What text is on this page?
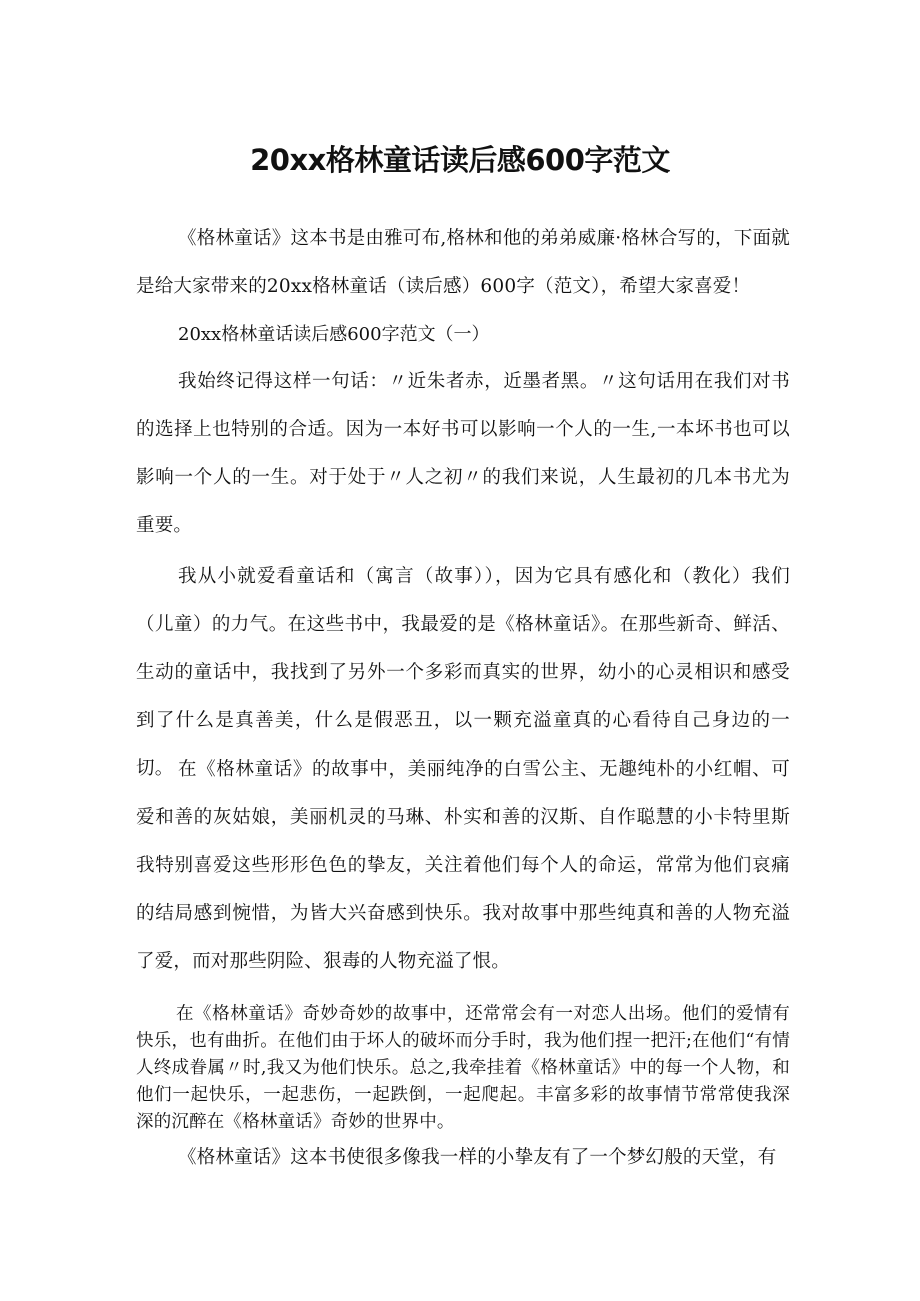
20xx格林童话读后感600字范文

《格林童话》这本书是由雅可布,格林和他的弟弟威廉·格林合写的，下面就是给大家带来的20xx格林童话（读后感）600字（范文），希望大家喜爱！

20xx格林童话读后感600字范文（一）

我始终记得这样一句话：〃近朱者赤，近墨者黑。〃这句话用在我们对书的选择上也特别的合适。因为一本好书可以影响一个人的一生,一本坏书也可以影响一个人的一生。对于处于〃人之初〃的我们来说，人生最初的几本书尤为重要。

我从小就爱看童话和（寓言（故事）），因为它具有感化和（教化）我们（儿童）的力气。在这些书中，我最爱的是《格林童话》。在那些新奇、鲜活、生动的童话中，我找到了另外一个多彩而真实的世界，幼小的心灵相识和感受到了什么是真善美，什么是假恶丑，以一颗充溢童真的心看待自己身边的一切。 在《格林童话》的故事中，美丽纯净的白雪公主、无趣纯朴的小红帽、可爱和善的灰姑娘，美丽机灵的马琳、朴实和善的汉斯、自作聪慧的小卡特里斯我特别喜爱这些形形色色的挚友，关注着他们每个人的命运，常常为他们哀痛的结局感到惋惜，为皆大兴奋感到快乐。我对故事中那些纯真和善的人物充溢了爱，而对那些阴险、狠毒的人物充溢了恨。

在《格林童话》奇妙奇妙的故事中，还常常会有一对恋人出场。他们的爱情有快乐，也有曲折。在他们由于坏人的破坏而分手时，我为他们捏一把汗;在他们“有情人终成眷属〃时,我又为他们快乐。总之,我牵挂着《格林童话》中的每一个人物，和他们一起快乐，一起悲伤，一起跌倒，一起爬起。丰富多彩的故事情节常常使我深深的沉醉在《格林童话》奇妙的世界中。

《格林童话》这本书使很多像我一样的小挚友有了一个梦幻般的天堂，有
